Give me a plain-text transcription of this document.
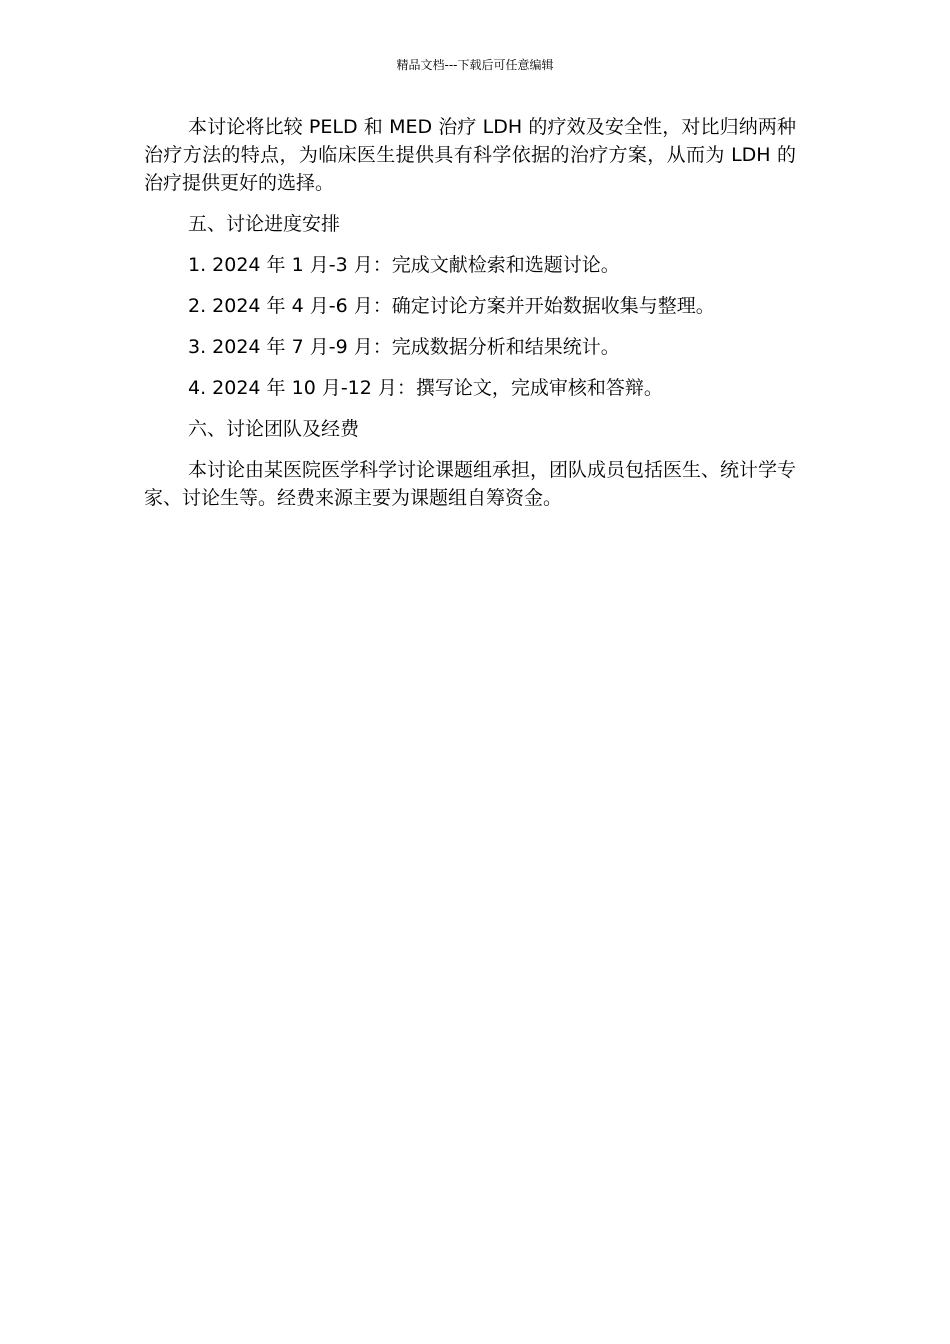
精品文档---下载后可任意编辑

本讨论将比较 PELD 和 MED 治疗 LDH 的疗效及安全性，对比归纳两种治疗方法的特点，为临床医生提供具有科学依据的治疗方案，从而为 LDH 的治疗提供更好的选择。

五、讨论进度安排

1. 2024 年 1 月-3 月：完成文献检索和选题讨论。

2. 2024 年 4 月-6 月：确定讨论方案并开始数据收集与整理。

3. 2024 年 7 月-9 月：完成数据分析和结果统计。

4. 2024 年 10 月-12 月：撰写论文，完成审核和答辩。

六、讨论团队及经费

本讨论由某医院医学科学讨论课题组承担，团队成员包括医生、统计学专家、讨论生等。经费来源主要为课题组自筹资金。
